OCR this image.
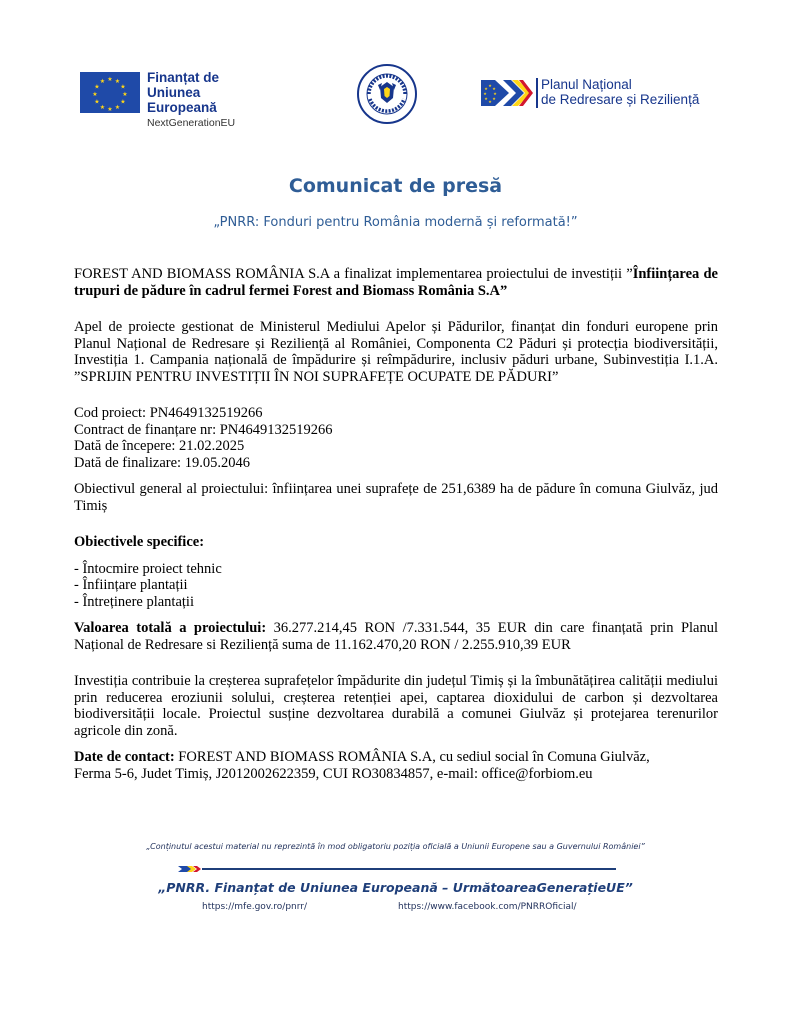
★ ★
★
★
★
★
★
★
★
★
★
★	Finanțat de
Uniunea Europeană
NextGenerationEU
★
★
★
★
★
★
★
★	Planul Național
de Redresare și Reziliență
Comunicat de presă
„PNRR: Fonduri pentru România modernă și reformată!”

FOREST AND BIOMASS ROMÂNIA S.A a finalizat implementarea proiectului de investiții ”Înființarea de trupuri de pădure în cadrul fermei Forest and Biomass România S.A”

Apel de proiecte gestionat de Ministerul Mediului Apelor și Pădurilor, finanțat din fonduri europene prin Planul Național de Redresare și Reziliență al României, Componenta C2 Păduri și protecția biodiversității, Investiția 1. Campania națională de împădurire și reîmpădurire, inclusiv păduri urbane, Subinvestiția I.1.A. ”SPRIJIN PENTRU INVESTIȚII ÎN NOI SUPRAFEȚE OCUPATE DE PĂDURI”

Cod proiect: PN4649132519266

Contract de finanțare nr: PN4649132519266

Dată de începere: 21.02.2025

Dată de finalizare: 19.05.2046

Obiectivul general al proiectului: înființarea unei suprafețe de 251,6389 ha de pădure în comuna Giulvăz, jud Timiș

Obiectivele specifice:

- Întocmire proiect tehnic

- Înființare plantații

- Întreținere plantații

Valoarea totală a proiectului: 36.277.214,45 RON /7.331.544, 35 EUR din care finanțată prin Planul Național de Redresare si Reziliență suma de 11.162.470,20 RON / 2.255.910,39 EUR

Investiția contribuie la creșterea suprafețelor împădurite din județul Timiș și la îmbunătățirea calității mediului prin reducerea eroziunii solului, creșterea retenției apei, captarea dioxidului de carbon și dezvoltarea biodiversității locale. Proiectul susține dezvoltarea durabilă a comunei Giulvăz și protejarea terenurilor agricole din zonă.

Date de contact: FOREST AND BIOMASS ROMÂNIA S.A, cu sediul social în Comuna Giulvăz,

Ferma 5-6, Judet Timiș, J2012002622359, CUI RO30834857, e-mail: office@forbiom.eu

„Conținutul acestui material nu reprezintă în mod obligatoriu poziția oficială a Uniunii Europene sau a Guvernului României”
„PNRR. Finanțat de Uniunea Europeană – UrmătoareaGenerațieUE”
https://mfe.gov.ro/pnrr/	https://www.facebook.com/PNRROficial/
